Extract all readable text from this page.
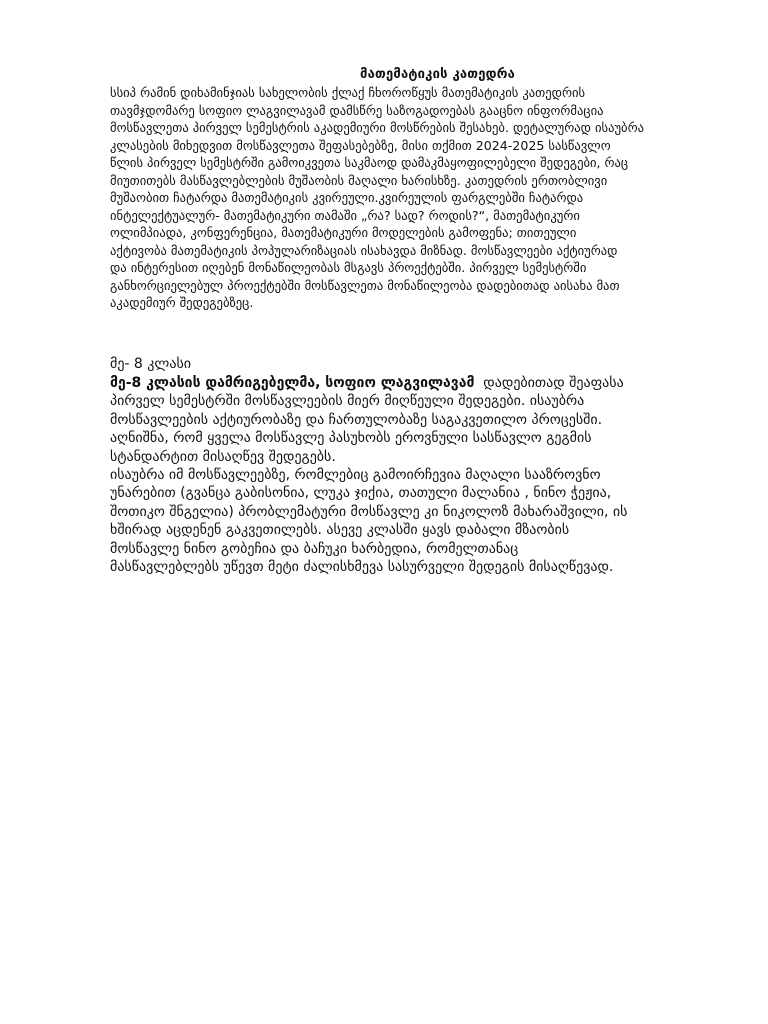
მათემატიკის კათედრა
სსიპ რამინ დიხამინჯიას სახელობის ქლაქ ჩხოროწყუს მათემატიკის კათედრის
თავმჯდომარე სოფიო ლაგვილავამ დამსწრე საზოგადოებას გააცნო ინფორმაცია
მოსწავლეთა პირველ სემესტრის აკადემიური მოსწრების შესახებ. დეტალურად ისაუბრა
კლასების მიხედვით მოსწავლეთა შეფასებებზე, მისი თქმით 2024-2025 სასწავლო
წლის პირველ სემესტრში გამოიკვეთა საკმაოდ დამაკმაყოფილებელი შედეგები, რაც
მიუთითებს მასწავლებლების მუშაობის მაღალი ხარისხზე. კათედრის ერთობლივი
მუშაობით ჩატარდა მათემატიკის კვირეული.კვირეულის ფარგლებში ჩატარდა
ინტელექტუალურ- მათემატიკური თამაში „რა? სად? როდის?“, მათემატიკური
ოლიმპიადა, კონფერენცია, მათემატიკური მოდელების გამოფენა; თითეული
აქტივობა მათემატიკის პოპულარიზაციას ისახავდა მიზნად. მოსწავლეები აქტიურად
და ინტერესით იღებენ მონაწილეობას მსგავს პროექტებში. პირველ სემესტრში
განხორციელებულ პროექტებში მოსწავლეთა მონაწილეობა დადებითად აისახა მათ
აკადემიურ შედეგებზეც.
მე- 8 კლასი
მე-8 კლასის დამრიგებელმა, სოფიო ლაგვილავამ  დადებითად შეაფასა
პირველ სემესტრში მოსწავლეების მიერ მიღწეული შედეგები. ისაუბრა
მოსწავლეების აქტიურობაზე და ჩართულობაზე საგაკვეთილო პროცესში.
აღნიშნა, რომ ყველა მოსწავლე პასუხობს ეროვნული სასწავლო გეგმის
სტანდარტით მისაღწევ შედეგებს.
ისაუბრა იმ მოსწავლეებზე, რომლებიც გამოირჩევია მაღალი სააზროვნო
უნარებით (გვანცა გაბისონია, ლუკა ჯიქია, თათული მალანია , ნინო ჭეჟია,
შოთიკო შნგელია) პრობლემატური მოსწავლე კი ნიკოლოზ მახარაშვილი, ის
ხშირად აცდენენ გაკვეთილებს. ასევე კლასში ყავს დაბალი მზაობის
მოსწავლე ნინო გობეჩია და ბაჩუკი ხარბედია, რომელთანაც
მასწავლებლებს უწევთ მეტი ძალისხმევა სასურველი შედეგის მისაღწევად.
